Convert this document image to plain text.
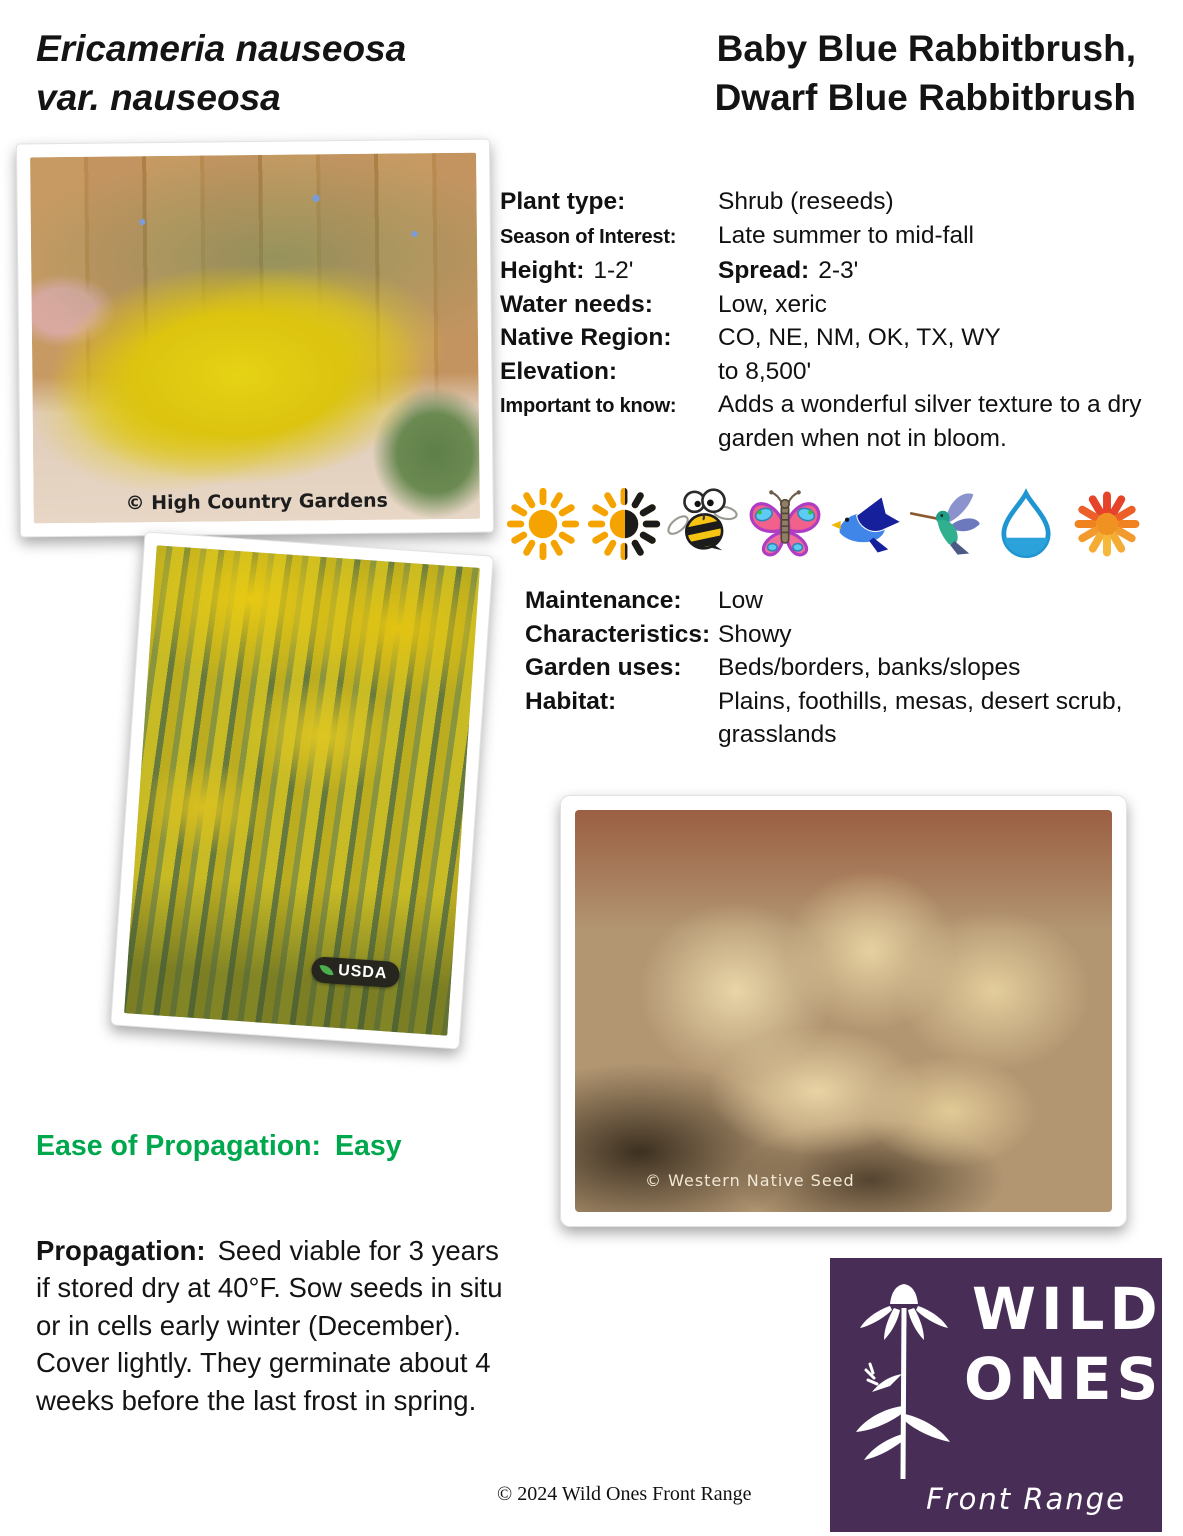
Ericameria nauseosa
var. nauseosa
Baby Blue Rabbitbrush,
Dwarf Blue Rabbitbrush
© High Country Gardens
USDA
© Western Native Seed
Plant type:	Shrub (reseeds)
Season of Interest:	Late summer to mid-fall
Height: 1-2'	Spread: 2-3'
Water needs:	Low, xeric
Native Region:	CO, NE, NM, OK, TX, WY
Elevation:	to 8,500'
Important to know:	Adds a wonderful silver texture to a dry garden when not in bloom.
Maintenance:	Low
Characteristics: Showy
Garden uses:	Beds/borders, banks/slopes
Habitat:	Plains, foothills, mesas, desert scrub, grasslands
Ease of Propagation: Easy

Propagation: Seed viable for 3 years if stored dry at 40°F. Sow seeds in situ or in cells early winter (December). Cover lightly. They germinate about 4 weeks before the last frost in spring.

© 2024 Wild Ones Front Range
WILD
ONES ®
Front Range
